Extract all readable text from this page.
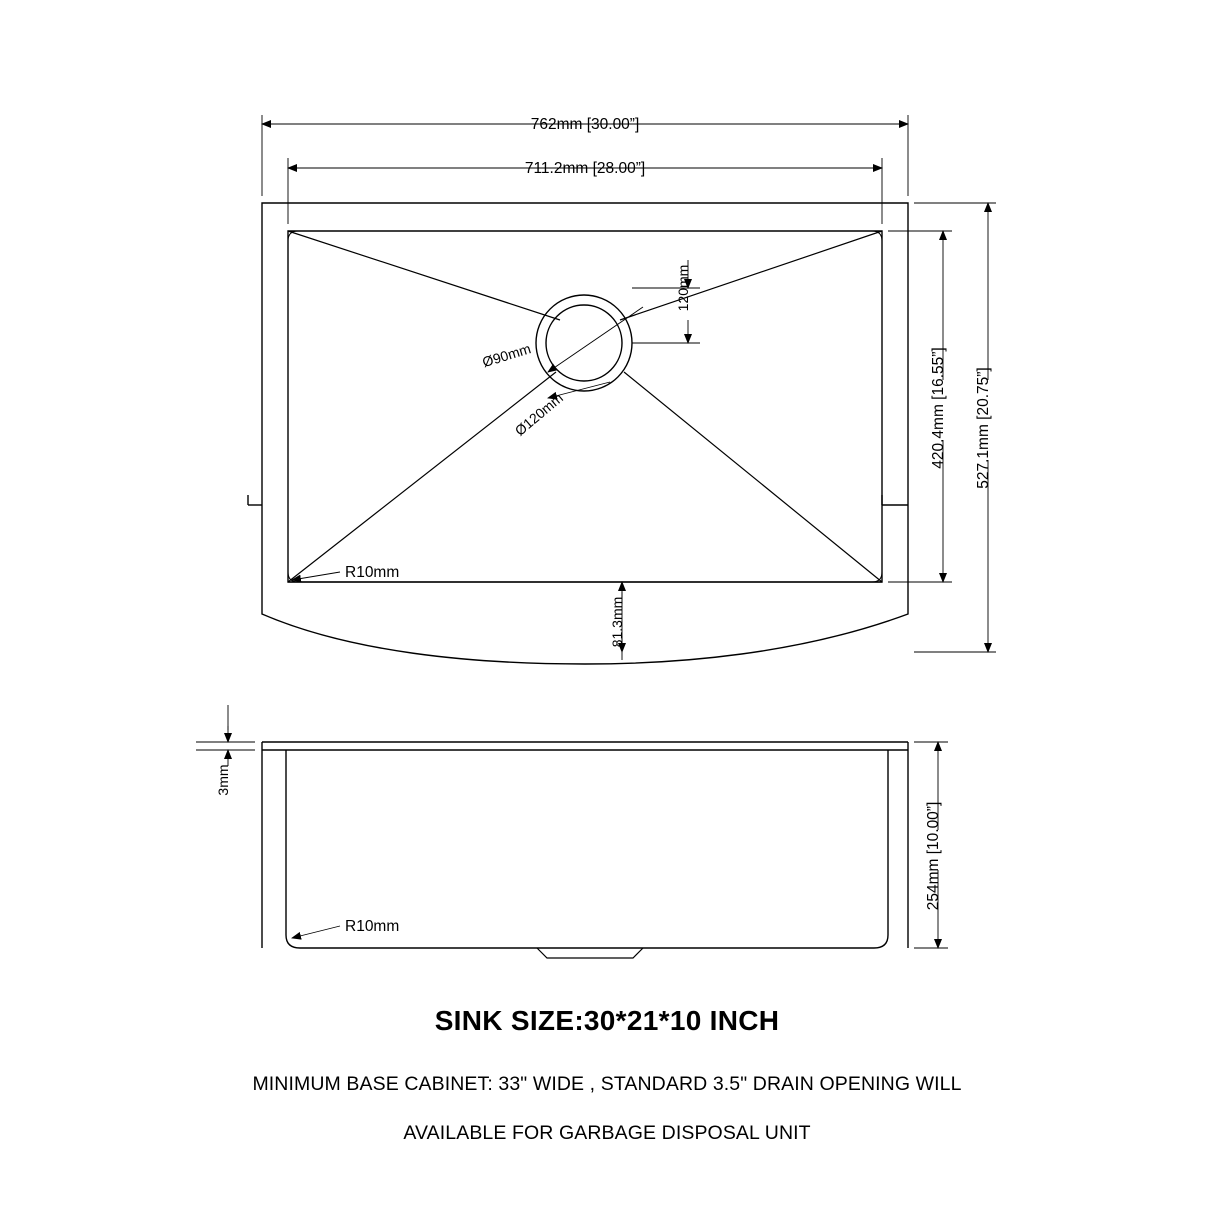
762mm [30.00”]
711.2mm [28.00”]
420.4mm [16.55”] 527.1mm [20.75”]
120mm
Ø90mm
Ø120mm
R10mm
81.3mm
3mm
254mm [10.00”]
R10mm
SINK SIZE:30*21*10 INCH
MINIMUM BASE CABINET: 33" WIDE , STANDARD 3.5" DRAIN OPENING WILL
AVAILABLE FOR GARBAGE DISPOSAL UNIT
